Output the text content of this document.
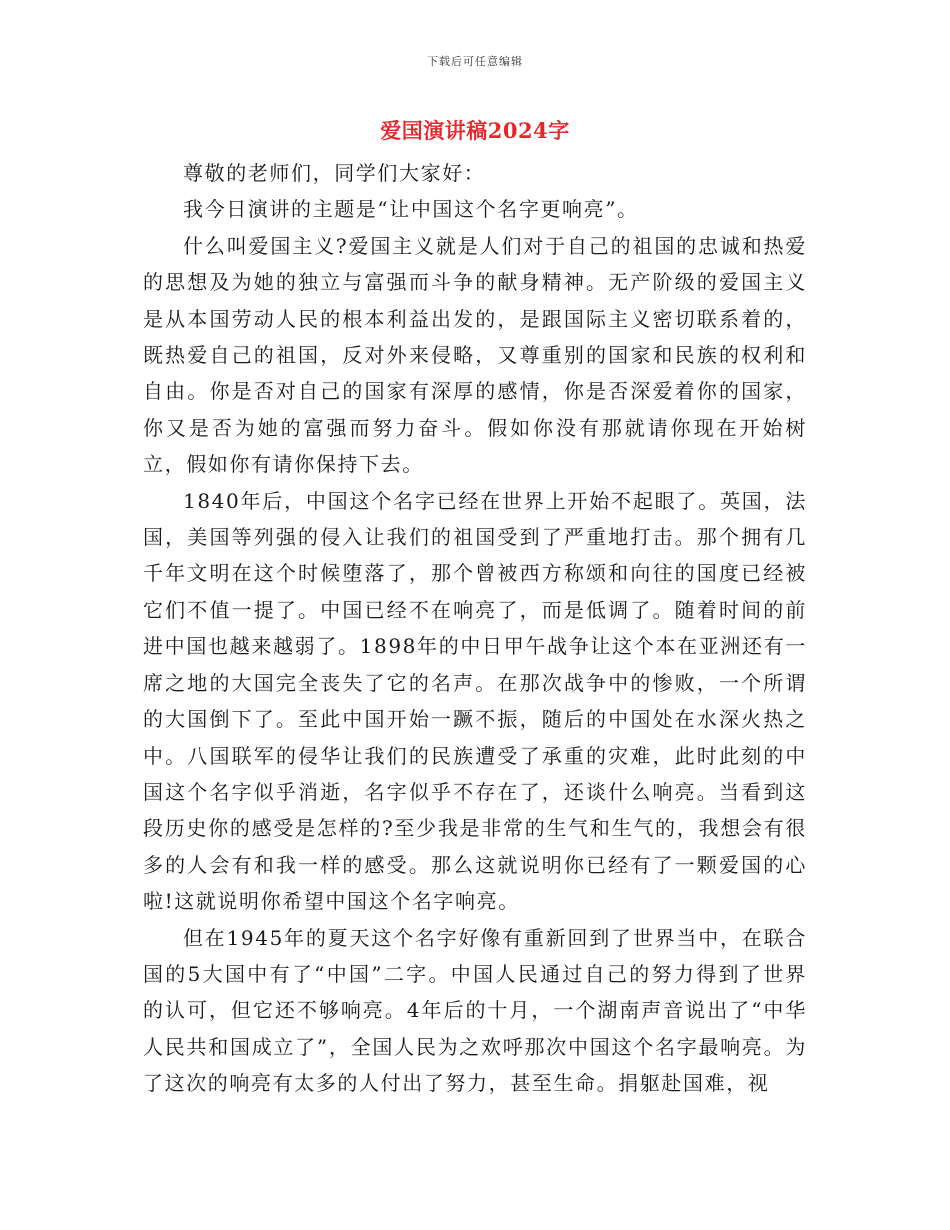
下载后可任意编辑
爱国演讲稿2024字

尊敬的老师们，同学们大家好：

我今日演讲的主题是“让中国这个名字更响亮”。

什么叫爱国主义?爱国主义就是人们对于自己的祖国的忠诚和热爱的思想及为她的独立与富强而斗争的献身精神。无产阶级的爱国主义是从本国劳动人民的根本利益出发的，是跟国际主义密切联系着的，既热爱自己的祖国，反对外来侵略，又尊重别的国家和民族的权利和自由。你是否对自己的国家有深厚的感情，你是否深爱着你的国家，你又是否为她的富强而努力奋斗。假如你没有那就请你现在开始树立，假如你有请你保持下去。

1840年后，中国这个名字已经在世界上开始不起眼了。英国，法国，美国等列强的侵入让我们的祖国受到了严重地打击。那个拥有几千年文明在这个时候堕落了，那个曾被西方称颂和向往的国度已经被它们不值一提了。中国已经不在响亮了，而是低调了。随着时间的前进中国也越来越弱了。1898年的中日甲午战争让这个本在亚洲还有一席之地的大国完全丧失了它的名声。在那次战争中的惨败，一个所谓的大国倒下了。至此中国开始一蹶不振，随后的中国处在水深火热之中。八国联军的侵华让我们的民族遭受了承重的灾难，此时此刻的中国这个名字似乎消逝，名字似乎不存在了，还谈什么响亮。当看到这段历史你的感受是怎样的?至少我是非常的生气和生气的，我想会有很多的人会有和我一样的感受。那么这就说明你已经有了一颗爱国的心啦!这就说明你希望中国这个名字响亮。

但在1945年的夏天这个名字好像有重新回到了世界当中，在联合国的5大国中有了“中国”二字。中国人民通过自己的努力得到了世界的认可，但它还不够响亮。4年后的十月，一个湖南声音说出了“中华人民共和国成立了”，全国人民为之欢呼那次中国这个名字最响亮。为了这次的响亮有太多的人付出了努力，甚至生命。捐躯赴国难，视
